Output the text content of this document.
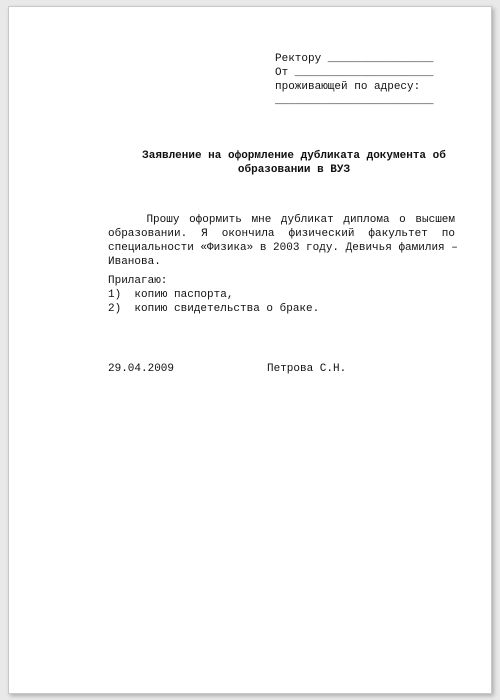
Ректору ________________
От _____________________
проживающей по адресу:
________________________
Заявление на оформление дубликата документа об
образовании в ВУЗ
Прошу оформить мне дубликат диплома о высшем
образовании. Я окончила физический факультет по
специальности «Физика» в 2003 году. Девичья фамилия –
Иванова.
Прилагаю:
1)  копию паспорта,
2)  копию свидетельства о браке.
29.04.2009	Петрова С.Н.
